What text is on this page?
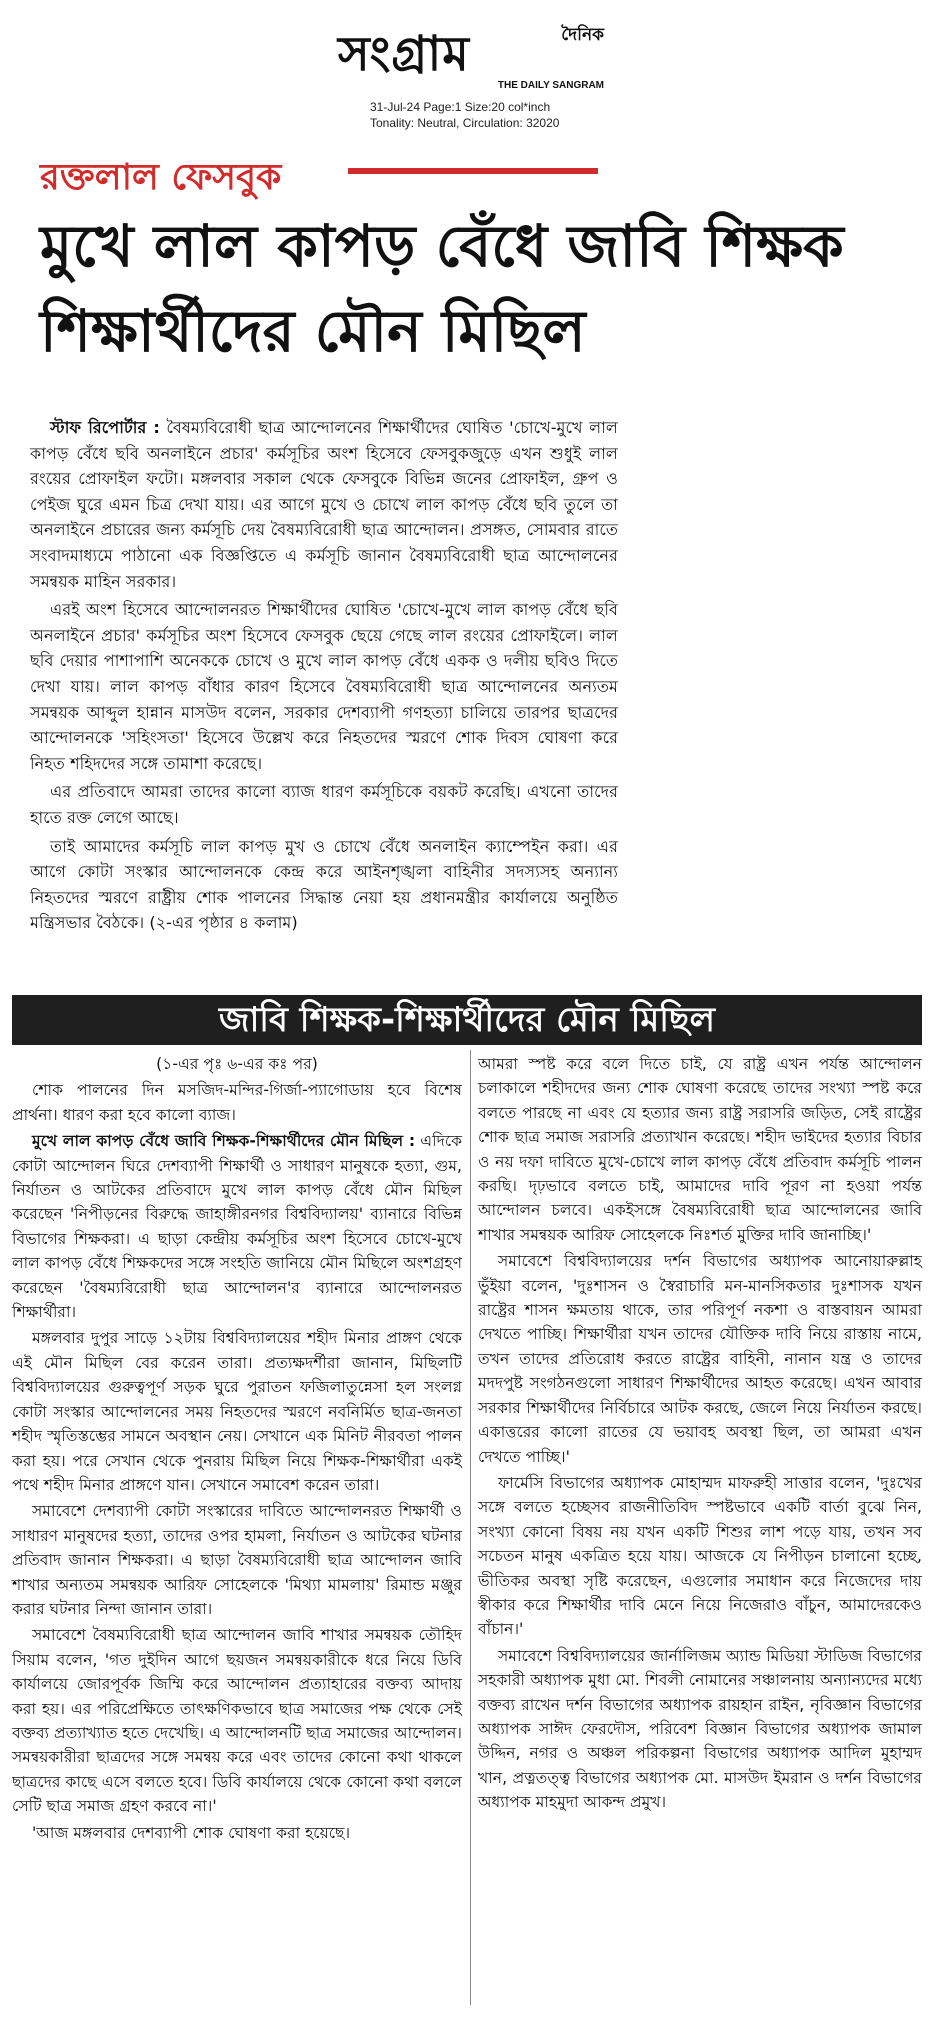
দৈনিক
সংগ্রাম
THE DAILY SANGRAM
31-Jul-24 Page:1 Size:20 col*inch
Tonality: Neutral, Circulation: 32020
রক্তলাল ফেসবুক
মুখে লাল কাপড় বেঁধে জাবি শিক্ষক
শিক্ষার্থীদের মৌন মিছিল

স্টাফ রিপোর্টার : বৈষম্যবিরোধী ছাত্র আন্দোলনের শিক্ষার্থীদের ঘোষিত 'চোখে-মুখে লাল কাপড় বেঁধে ছবি অনলাইনে প্রচার' কর্মসূচির অংশ হিসেবে ফেসবুকজুড়ে এখন শুধুই লাল রংয়ের প্রোফাইল ফটো। মঙ্গলবার সকাল থেকে ফেসবুকে বিভিন্ন জনের প্রোফাইল, গ্রুপ ও পেইজ ঘুরে এমন চিত্র দেখা যায়। এর আগে মুখে ও চোখে লাল কাপড় বেঁধে ছবি তুলে তা অনলাইনে প্রচারের জন্য কর্মসূচি দেয় বৈষম্যবিরোধী ছাত্র আন্দোলন। প্রসঙ্গত, সোমবার রাতে সংবাদমাধ্যমে পাঠানো এক বিজ্ঞপ্তিতে এ কর্মসূচি জানান বৈষম্যবিরোধী ছাত্র আন্দোলনের সমন্বয়ক মাহিন সরকার।

এরই অংশ হিসেবে আন্দোলনরত শিক্ষার্থীদের ঘোষিত 'চোখে-মুখে লাল কাপড় বেঁধে ছবি অনলাইনে প্রচার' কর্মসূচির অংশ হিসেবে ফেসবুক ছেয়ে গেছে লাল রংয়ের প্রোফাইলে। লাল ছবি দেয়ার পাশাপাশি অনেককে চোখে ও মুখে লাল কাপড় বেঁধে একক ও দলীয় ছবিও দিতে দেখা যায়। লাল কাপড় বাঁধার কারণ হিসেবে বৈষম্যবিরোধী ছাত্র আন্দোলনের অন্যতম সমন্বয়ক আব্দুল হান্নান মাসউদ বলেন, সরকার দেশব্যাপী গণহত্যা চালিয়ে তারপর ছাত্রদের আন্দোলনকে 'সহিংসতা' হিসেবে উল্লেখ করে নিহতদের স্মরণে শোক দিবস ঘোষণা করে নিহত শহিদদের সঙ্গে তামাশা করেছে।

এর প্রতিবাদে আমরা তাদের কালো ব্যাজ ধারণ কর্মসূচিকে বয়কট করেছি। এখনো তাদের হাতে রক্ত লেগে আছে।

তাই আমাদের কর্মসূচি লাল কাপড় মুখ ও চোখে বেঁধে অনলাইন ক্যাম্পেইন করা। এর আগে কোটা সংস্কার আন্দোলনকে কেন্দ্র করে আইনশৃঙ্খলা বাহিনীর সদস্যসহ অন্যান্য নিহতদের স্মরণে রাষ্ট্রীয় শোক পালনের সিদ্ধান্ত নেয়া হয় প্রধানমন্ত্রীর কার্যালয়ে অনুষ্ঠিত মন্ত্রিসভার বৈঠকে। (২-এর পৃষ্ঠার ৪ কলাম)

জাবি শিক্ষক-শিক্ষার্থীদের মৌন মিছিল

(১-এর পৃঃ ৬-এর কঃ পর)

শোক পালনের দিন মসজিদ-মন্দির-গির্জা-প্যাগোডায় হবে বিশেষ প্রার্থনা। ধারণ করা হবে কালো ব্যাজ।

মুখে লাল কাপড় বেঁধে জাবি শিক্ষক-শিক্ষার্থীদের মৌন মিছিল : এদিকে কোটা আন্দোলন ঘিরে দেশব্যাপী শিক্ষার্থী ও সাধারণ মানুষকে হত্যা, গুম, নির্যাতন ও আটকের প্রতিবাদে মুখে লাল কাপড় বেঁধে মৌন মিছিল করেছেন 'নিপীড়নের বিরুদ্ধে জাহাঙ্গীরনগর বিশ্ববিদ্যালয়' ব্যানারে বিভিন্ন বিভাগের শিক্ষকরা। এ ছাড়া কেন্দ্রীয় কর্মসূচির অংশ হিসেবে চোখে-মুখে লাল কাপড় বেঁধে শিক্ষকদের সঙ্গে সংহতি জানিয়ে মৌন মিছিলে অংশগ্রহণ করেছেন 'বৈষম্যবিরোধী ছাত্র আন্দোলন'র ব্যানারে আন্দোলনরত শিক্ষার্থীরা।

মঙ্গলবার দুপুর সাড়ে ১২টায় বিশ্ববিদ্যালয়ের শহীদ মিনার প্রাঙ্গণ থেকে এই মৌন মিছিল বের করেন তারা। প্রত্যক্ষদর্শীরা জানান, মিছিলটি বিশ্ববিদ্যালয়ের গুরুত্বপূর্ণ সড়ক ঘুরে পুরাতন ফজিলাতুন্নেসা হল সংলগ্ন কোটা সংস্কার আন্দোলনের সময় নিহতদের স্মরণে নবনির্মিত ছাত্র-জনতা শহীদ স্মৃতিস্তম্ভের সামনে অবস্থান নেয়। সেখানে এক মিনিট নীরবতা পালন করা হয়। পরে সেখান থেকে পুনরায় মিছিল নিয়ে শিক্ষক-শিক্ষার্থীরা একই পথে শহীদ মিনার প্রাঙ্গণে যান। সেখানে সমাবেশ করেন তারা।

সমাবেশে দেশব্যাপী কোটা সংস্কারের দাবিতে আন্দোলনরত শিক্ষার্থী ও সাধারণ মানুষদের হত্যা, তাদের ওপর হামলা, নির্যাতন ও আটকের ঘটনার প্রতিবাদ জানান শিক্ষকরা। এ ছাড়া বৈষম্যবিরোধী ছাত্র আন্দোলন জাবি শাখার অন্যতম সমন্বয়ক আরিফ সোহেলকে 'মিথ্যা মামলায়' রিমান্ড মঞ্জুর করার ঘটনার নিন্দা জানান তারা।

সমাবেশে বৈষম্যবিরোধী ছাত্র আন্দোলন জাবি শাখার সমন্বয়ক তৌহিদ সিয়াম বলেন, 'গত দুইদিন আগে ছয়জন সমন্বয়কারীকে ধরে নিয়ে ডিবি কার্যালয়ে জোরপূর্বক জিম্মি করে আন্দোলন প্রত্যাহারের বক্তব্য আদায় করা হয়। এর পরিপ্রেক্ষিতে তাৎক্ষণিকভাবে ছাত্র সমাজের পক্ষ থেকে সেই বক্তব্য প্রত্যাখ্যাত হতে দেখেছি। এ আন্দোলনটি ছাত্র সমাজের আন্দোলন। সমন্বয়কারীরা ছাত্রদের সঙ্গে সমন্বয় করে এবং তাদের কোনো কথা থাকলে ছাত্রদের কাছে এসে বলতে হবে। ডিবি কার্যালয়ে থেকে কোনো কথা বললে সেটি ছাত্র সমাজ গ্রহণ করবে না।'

'আজ মঙ্গলবার দেশব্যাপী শোক ঘোষণা করা হয়েছে।

আমরা স্পষ্ট করে বলে দিতে চাই, যে রাষ্ট্র এখন পর্যন্ত আন্দোলন চলাকালে শহীদদের জন্য শোক ঘোষণা করেছে তাদের সংখ্যা স্পষ্ট করে বলতে পারছে না এবং যে হত্যার জন্য রাষ্ট্র সরাসরি জড়িত, সেই রাষ্ট্রের শোক ছাত্র সমাজ সরাসরি প্রত্যাখান করেছে। শহীদ ভাইদের হত্যার বিচার ও নয় দফা দাবিতে মুখে-চোখে লাল কাপড় বেঁধে প্রতিবাদ কর্মসূচি পালন করছি। দৃঢ়ভাবে বলতে চাই, আমাদের দাবি পূরণ না হওয়া পর্যন্ত আন্দোলন চলবে। একইসঙ্গে বৈষম্যবিরোধী ছাত্র আন্দোলনের জাবি শাখার সমন্বয়ক আরিফ সোহেলকে নিঃশর্ত মুক্তির দাবি জানাচ্ছি।'

সমাবেশে বিশ্ববিদ্যালয়ের দর্শন বিভাগের অধ্যাপক আনোয়ারুল্লাহ ভুঁইয়া বলেন, 'দুঃশাসন ও স্বৈরাচারি মন-মানসিকতার দুঃশাসক যখন রাষ্ট্রের শাসন ক্ষমতায় থাকে, তার পরিপূর্ণ নকশা ও বাস্তবায়ন আমরা দেখতে পাচ্ছি। শিক্ষার্থীরা যখন তাদের যৌক্তিক দাবি নিয়ে রাস্তায় নামে, তখন তাদের প্রতিরোধ করতে রাষ্ট্রের বাহিনী, নানান যন্ত্র ও তাদের মদদপুষ্ট সংগঠনগুলো সাধারণ শিক্ষার্থীদের আহত করেছে। এখন আবার সরকার শিক্ষার্থীদের নির্বিচারে আটক করছে, জেলে নিয়ে নির্যাতন করছে। একাত্তরের কালো রাতের যে ভয়াবহ অবস্থা ছিল, তা আমরা এখন দেখতে পাচ্ছি।'

ফার্মেসি বিভাগের অধ্যাপক মোহাম্মদ মাফরুহী সাত্তার বলেন, 'দুঃখের সঙ্গে বলতে হচ্ছেসব রাজনীতিবিদ স্পষ্টভাবে একটি বার্তা বুঝে নিন, সংখ্যা কোনো বিষয় নয় যখন একটি শিশুর লাশ পড়ে যায়, তখন সব সচেতন মানুষ একত্রিত হয়ে যায়। আজকে যে নিপীড়ন চালানো হচ্ছে, ভীতিকর অবস্থা সৃষ্টি করেছেন, এগুলোর সমাধান করে নিজেদের দায় স্বীকার করে শিক্ষার্থীর দাবি মেনে নিয়ে নিজেরাও বাঁচুন, আমাদেরকেও বাঁচান।'

সমাবেশে বিশ্ববিদ্যালয়ের জার্নালিজম অ্যান্ড মিডিয়া স্টাডিজ বিভাগের সহকারী অধ্যাপক মুধা মো. শিবলী নোমানের সঞ্চালনায় অন্যান্যদের মধ্যে বক্তব্য রাখেন দর্শন বিভাগের অধ্যাপক রায়হান রাইন, নৃবিজ্ঞান বিভাগের অধ্যাপক সাঈদ ফেরদৌস, পরিবেশ বিজ্ঞান বিভাগের অধ্যাপক জামাল উদ্দিন, নগর ও অঞ্চল পরিকল্পনা বিভাগের অধ্যাপক আদিল মুহাম্মদ খান, প্রত্নতত্ত্ব বিভাগের অধ্যাপক মো. মাসউদ ইমরান ও দর্শন বিভাগের অধ্যাপক মাহমুদা আকন্দ প্রমুখ।
